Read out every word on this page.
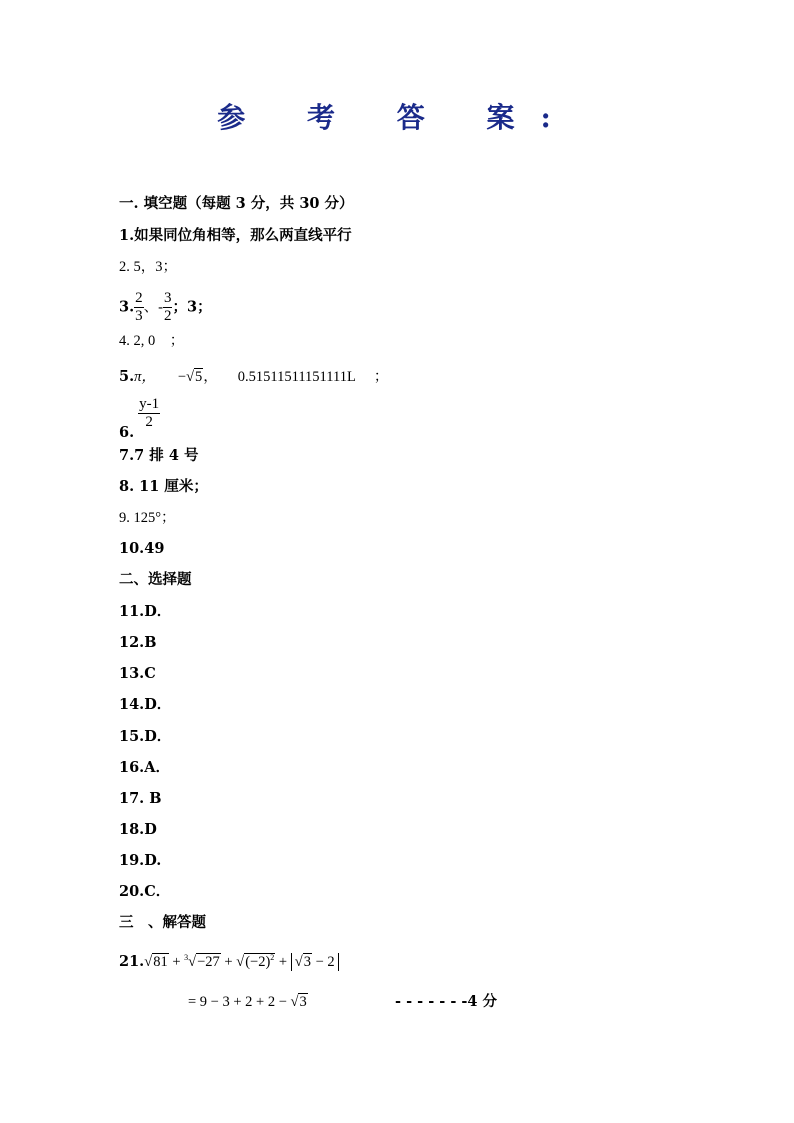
参 考 答 案:
一. 填空题（每题 3 分，共 30 分）
1.如果同位角相等，那么两直线平行
2. 5，3；
3. $\frac{2}{3}$ 、- $\frac{3}{2}$ ；3；
4. 2, 0　；
5.π， −√5， 0.51511511151111L ；
6.
$\frac{y-1}{2}$
7.7 排 4 号
8. 11 厘米；
9. 125°；
10.49
二、选择题
11.D．
12.B
13.C
14.D．
15.D．
16.A．
17. B
18.D
19.D.
20.C．
三　、解答题
$21.√81 + ^3√-27 + √(-2)^2 + √3 - 2$
= 9 − 3 + 2 + 2 − √3	- - - - - - -4 分
